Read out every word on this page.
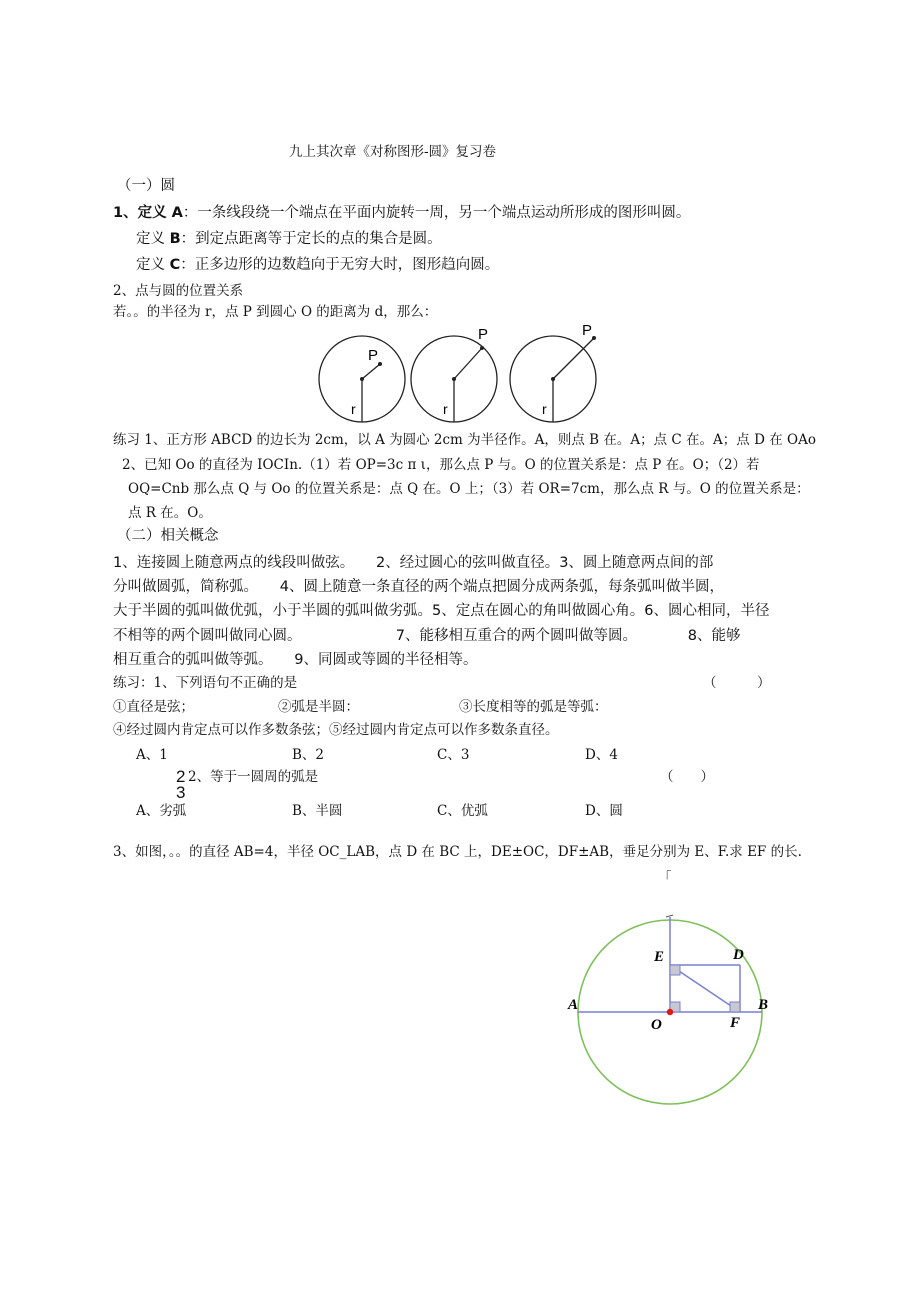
九上其次章《对称图形-圆》复习卷
（一）圆
1、定义 A：一条线段绕一个端点在平面内旋转一周，另一个端点运动所形成的图形叫圆。
定义 B：到定点距离等于定长的点的集合是圆。
定义 C：正多边形的边数趋向于无穷大时，图形趋向圆。
2、点与圆的位置关系
若。。的半径为 r，点 P 到圆心 O 的距离为 d，那么：
P
r
P
r
P
r
练习 1、正方形 ABCD 的边长为 2cm，以 A 为圆心 2cm 为半径作。A，则点 B 在。A；点 C 在。A；点 D 在 OAo
2、已知 Oo 的直径为 IOCIn.（1）若 OP=3c π ι，那么点 P 与。O 的位置关系是：点 P 在。O；（2）若
OQ=Cnb 那么点 Q 与 Oo 的位置关系是：点 Q 在。O 上；（3）若 OR=7cm，那么点 R 与。O 的位置关系是：
点 R 在。O。
（二）相关概念
1、连接圆上随意两点的线段叫做弦。　　2、经过圆心的弦叫做直径。3、圆上随意两点间的部
分叫做圆弧，简称弧。　　4、圆上随意一条直径的两个端点把圆分成两条弧，每条弧叫做半圆，
大于半圆的弧叫做优弧，小于半圆的弧叫做劣弧。5、定点在圆心的角叫做圆心角。6、圆心相同，半径
不相等的两个圆叫做同心圆。　　　　　　　7、能移相互重合的两个圆叫做等圆。　　　　8、能够
相互重合的弧叫做等弧。　　9、同圆或等圆的半径相等。
练习：1、下列语句不正确的是	（　　　）
①直径是弦；	②弧是半圆：	③长度相等的弧是等弧：
④经过圆内肯定点可以作多数条弦；⑤经过圆内肯定点可以作多数条直径。
A、1	B、2	C、3	D、4
2
3
2、等于一圆周的弧是	（　　）
A、劣弧	B、半圆	C、优弧	D、圆
3、如图，。。的直径 AB=4，半径 OC_LAB，点 D 在 BC 上，DE±OC，DF±AB，垂足分别为 E、F.求 EF 的长.
「
A	B
D
E
F
O
